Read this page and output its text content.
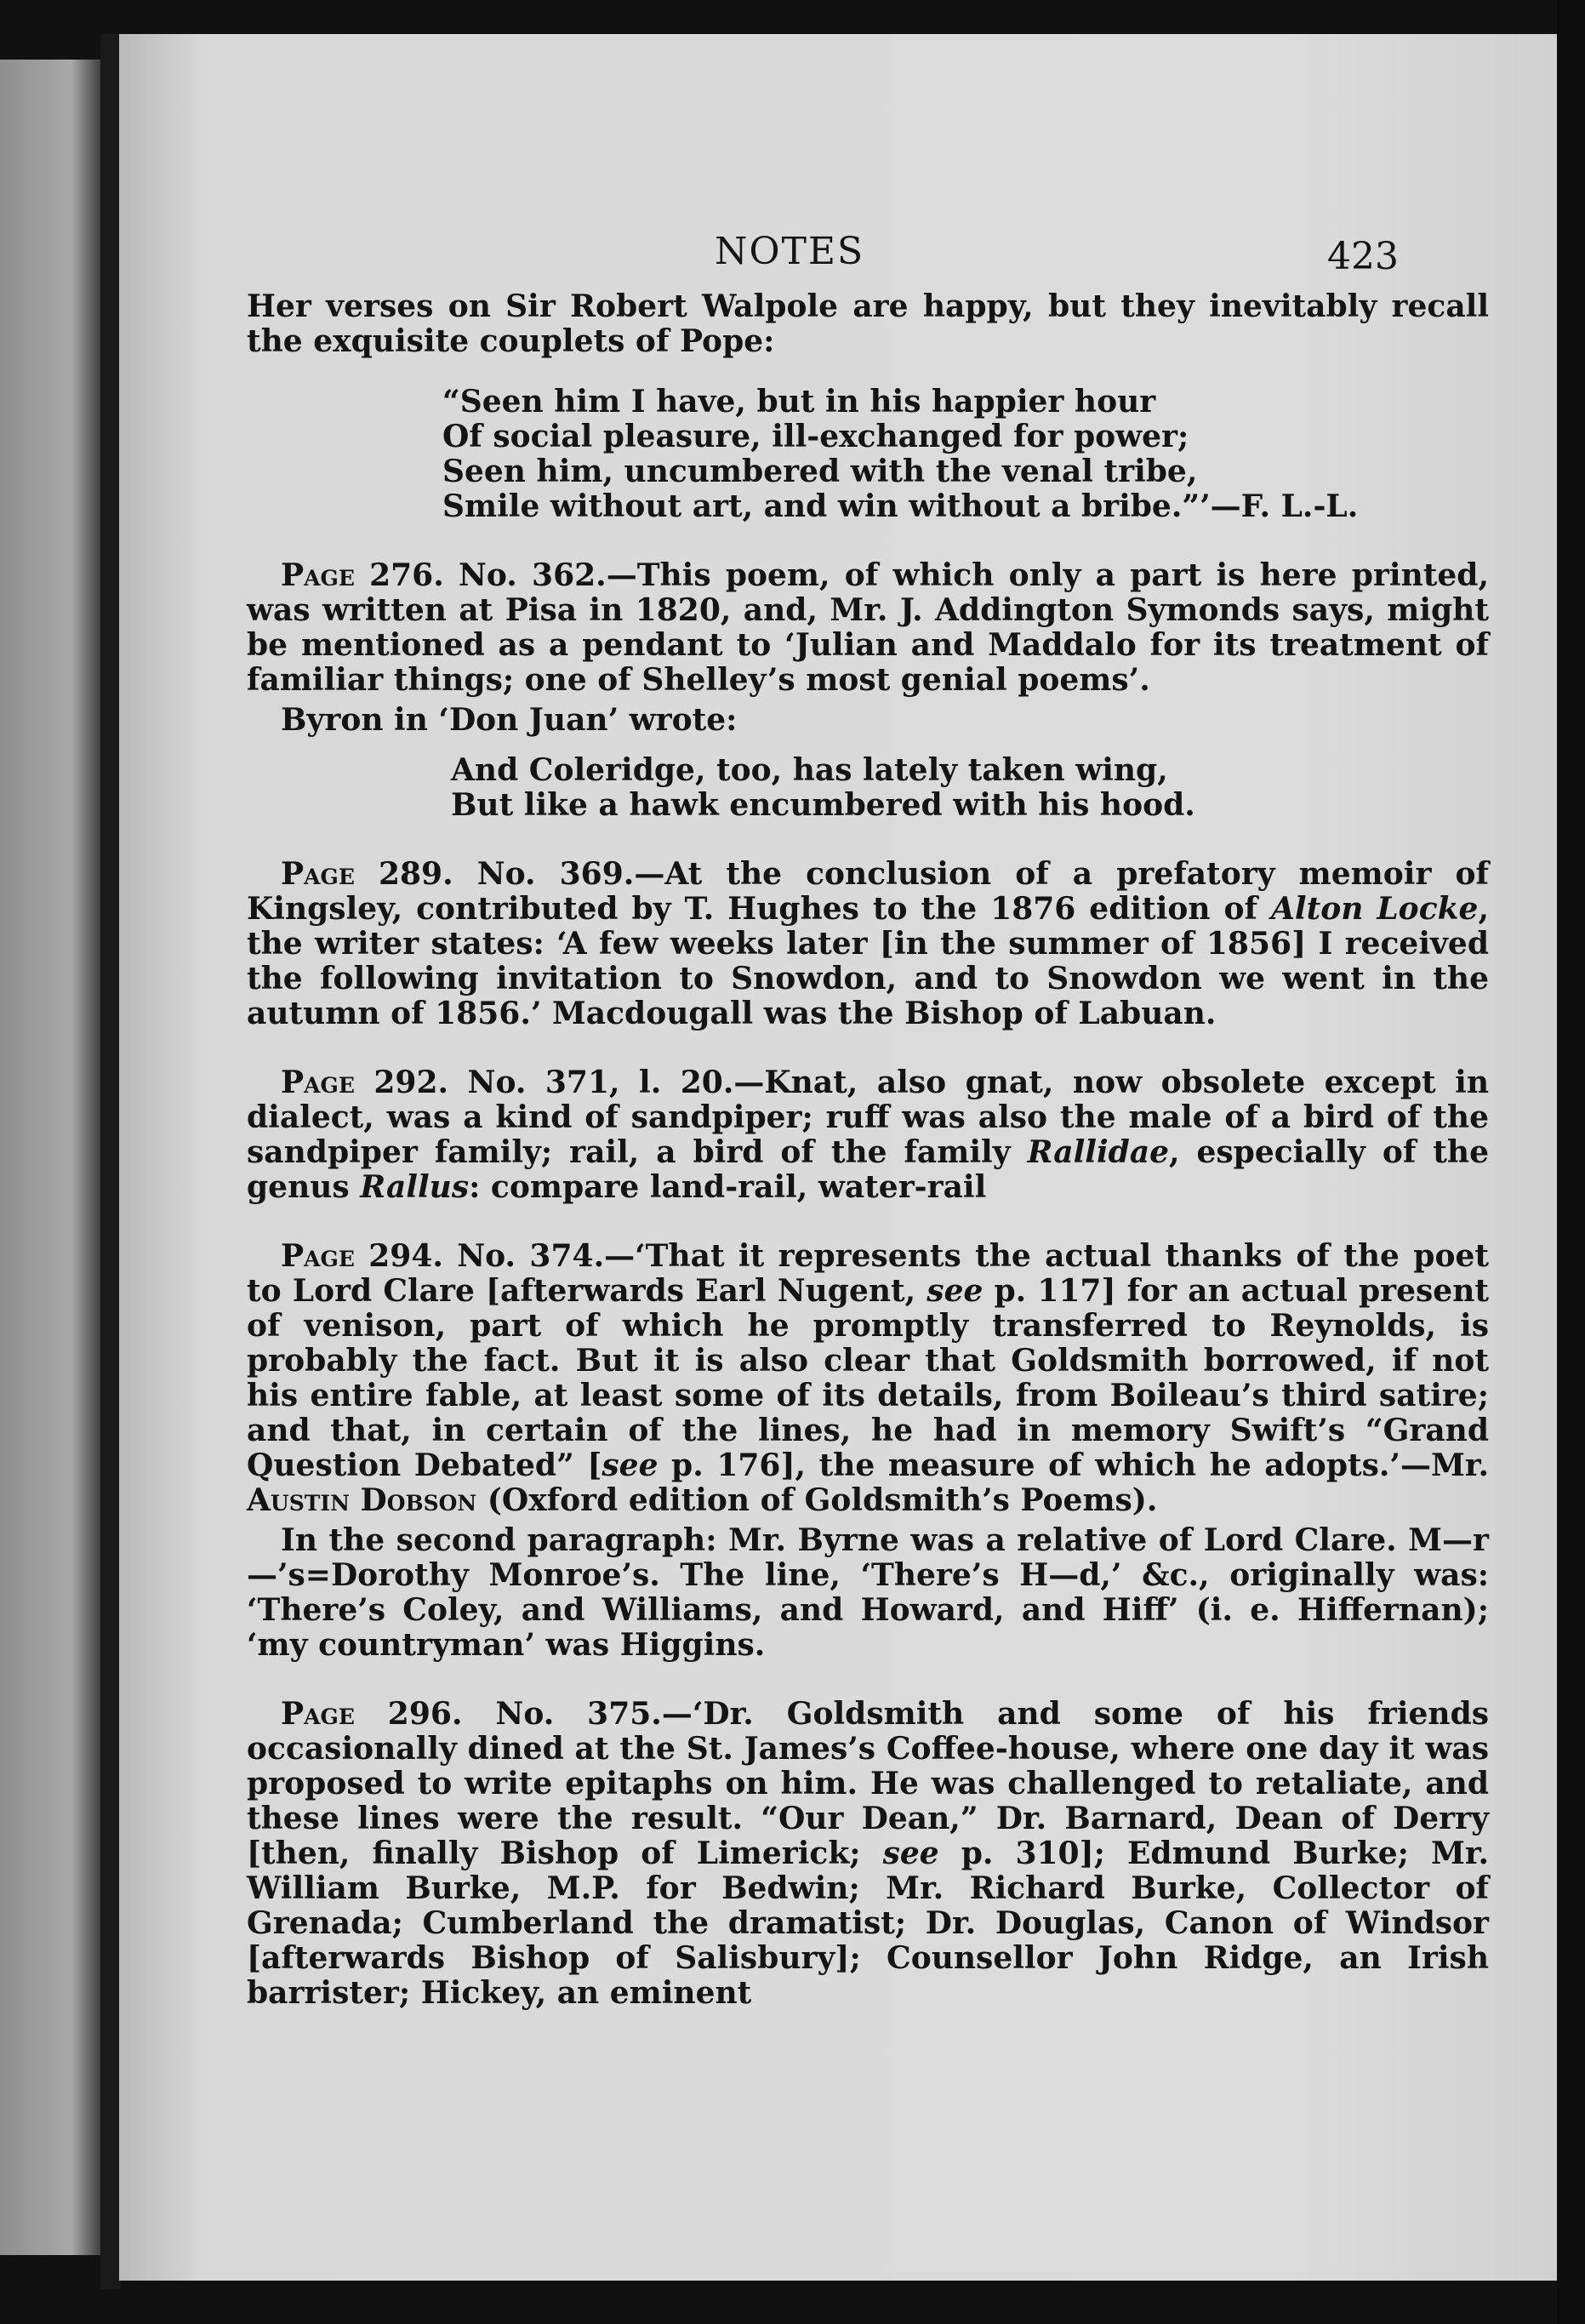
NOTES	423

Her verses on Sir Robert Walpole are happy, but they inevitably recall the exquisite couplets of Pope:

“Seen him I have, but in his happier hour
Of social pleasure, ill-exchanged for power;
Seen him, uncumbered with the venal tribe,
Smile without art, and win without a bribe.”’—F. L.-L.

Page 276. No. 362.—This poem, of which only a part is here printed, was written at Pisa in 1820, and, Mr. J. Addington Symonds says, might be mentioned as a pendant to ‘Julian and Maddalo for its treatment of familiar things; one of Shelley’s most genial poems’.

Byron in ‘Don Juan’ wrote:

And Coleridge, too, has lately taken wing,
But like a hawk encumbered with his hood.

Page 289. No. 369.—At the conclusion of a prefatory memoir of Kingsley, contributed by T. Hughes to the 1876 edition of Alton Locke, the writer states: ‘A few weeks later [in the summer of 1856] I received the following invitation to Snowdon, and to Snowdon we went in the autumn of 1856.’ Macdougall was the Bishop of Labuan.

Page 292. No. 371, l. 20.—Knat, also gnat, now obsolete except in dialect, was a kind of sandpiper; ruff was also the male of a bird of the sandpiper family; rail, a bird of the family Rallidae, especially of the genus Rallus: compare land-rail, water-rail

Page 294. No. 374.—‘That it represents the actual thanks of the poet to Lord Clare [afterwards Earl Nugent, see p. 117] for an actual present of venison, part of which he promptly transferred to Reynolds, is probably the fact. But it is also clear that Goldsmith borrowed, if not his entire fable, at least some of its details, from Boileau’s third satire; and that, in certain of the lines, he had in memory Swift’s “Grand Question Debated” [see p. 176], the measure of which he adopts.’—Mr. Austin Dobson (Oxford edition of Goldsmith’s Poems).

In the second paragraph: Mr. Byrne was a relative of Lord Clare. M—r—’s=Dorothy Monroe’s. The line, ‘There’s H—d,’ &c., originally was: ‘There’s Coley, and Williams, and Howard, and Hiff’ (i. e. Hiffernan); ‘my countryman’ was Higgins.

Page 296. No. 375.—‘Dr. Goldsmith and some of his friends occasionally dined at the St. James’s Coffee-house, where one day it was proposed to write epitaphs on him. He was challenged to retaliate, and these lines were the result. “Our Dean,” Dr. Barnard, Dean of Derry [then, finally Bishop of Limerick; see p. 310]; Edmund Burke; Mr. William Burke, M.P. for Bedwin; Mr. Richard Burke, Collector of Grenada; Cumberland the dramatist; Dr. Douglas, Canon of Windsor [afterwards Bishop of Salisbury]; Counsellor John Ridge, an Irish barrister; Hickey, an eminent
